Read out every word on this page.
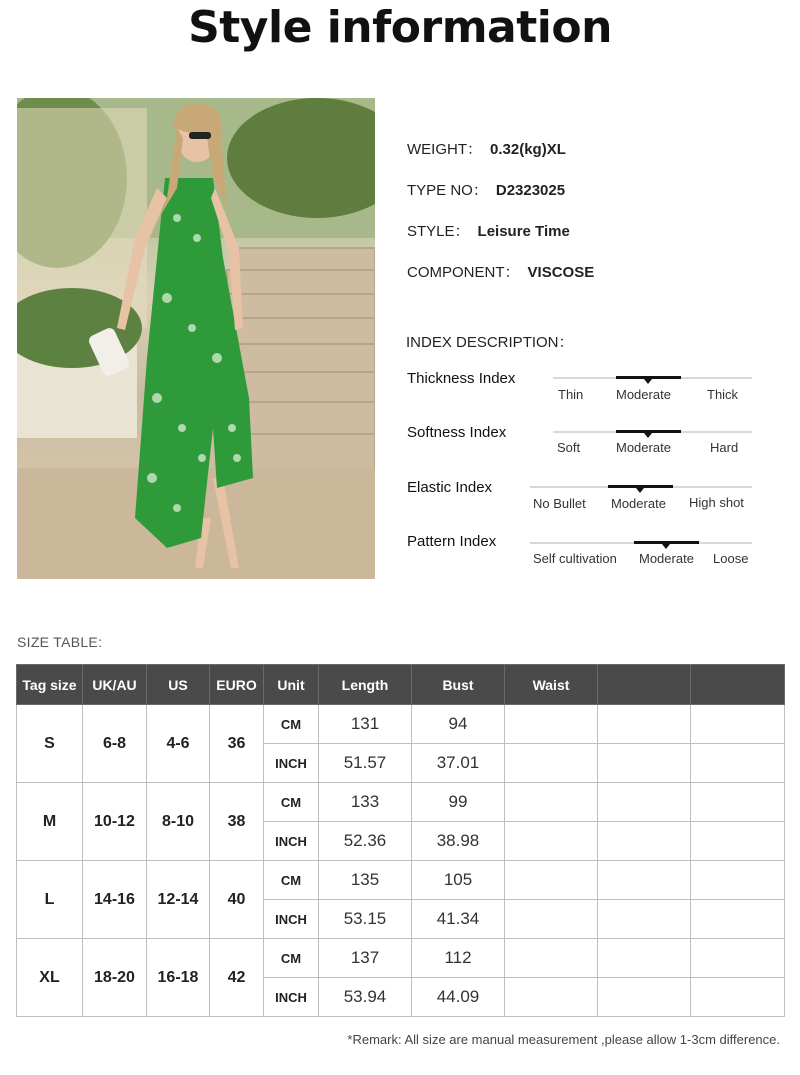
Style information
WEIGHT： 0.32(kg)XL
TYPE NO： D2323025
STYLE： Leisure Time
COMPONENT： VISCOSE
INDEX DESCRIPTION：
Thickness Index
Thin	Moderate	Thick
Softness Index
Soft	Moderate	Hard
Elastic Index
No Bullet Moderate High shot
Pattern Index
Self cultivation Moderate Loose
SIZE TABLE:
Tag size	UK/AU	US	EURO	Unit	Length	Bust	Waist		
S	6-8	4-6	36	CM	131	94			
				INCH	51.57	37.01			
M	10-12	8-10	38	CM	133	99			
				INCH	52.36	38.98			
L	14-16	12-14	40	CM	135	105			
				INCH	53.15	41.34			
XL	18-20	16-18	42	CM	137	112			
				INCH	53.94	44.09			
*Remark: All size are manual measurement ,please allow 1-3cm difference.
